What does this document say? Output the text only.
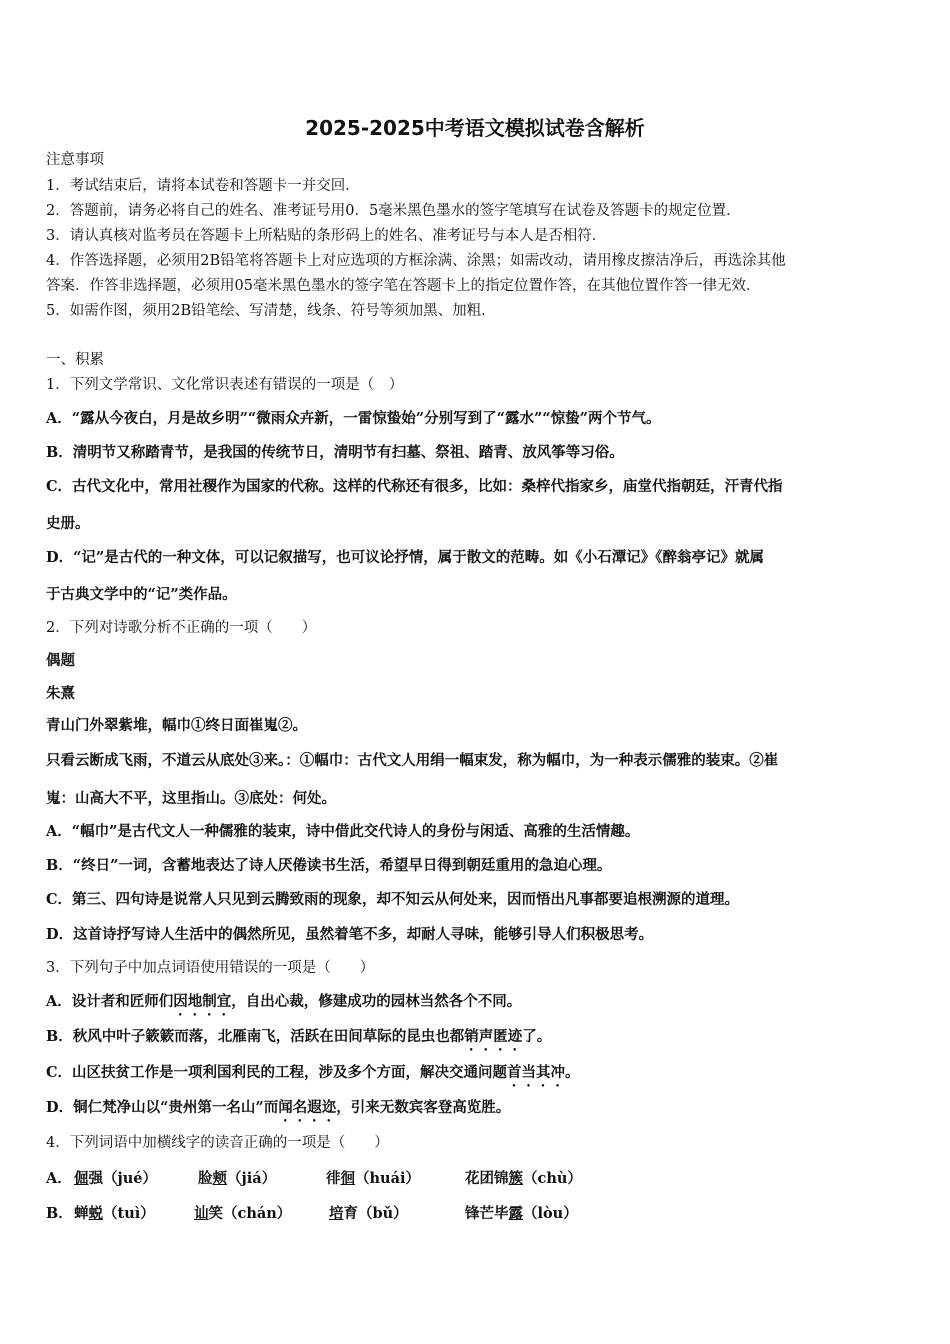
2025-2025中考语文模拟试卷含解析
注意事项
1．考试结束后，请将本试卷和答题卡一并交回．
2．答题前，请务必将自己的姓名、准考证号用0．5毫米黑色墨水的签字笔填写在试卷及答题卡的规定位置．
3．请认真核对监考员在答题卡上所粘贴的条形码上的姓名、准考证号与本人是否相符．
4．作答选择题，必须用2B铅笔将答题卡上对应选项的方框涂满、涂黑；如需改动，请用橡皮擦洁净后，再选涂其他
答案．作答非选择题，必须用05毫米黑色墨水的签字笔在答题卡上的指定位置作答，在其他位置作答一律无效．
5．如需作图，须用2B铅笔绘、写清楚，线条、符号等须加黑、加粗．
一、积累
1．下列文学常识、文化常识表述有错误的一项是（　）
A．“露从今夜白，月是故乡明”“微雨众卉新，一雷惊蛰始”分别写到了“露水”“惊蛰”两个节气。
B．清明节又称踏青节，是我国的传统节日，清明节有扫墓、祭祖、踏青、放风筝等习俗。
C．古代文化中，常用社稷作为国家的代称。这样的代称还有很多，比如：桑梓代指家乡，庙堂代指朝廷，汗青代指
史册。
D．“记”是古代的一种文体，可以记叙描写，也可议论抒情，属于散文的范畴。如《小石潭记》《醉翁亭记》就属
于古典文学中的“记”类作品。
2．下列对诗歌分析不正确的一项（　　）
偶题
朱熹
青山门外翠紫堆，幅巾①终日面崔嵬②。
只看云断成飞雨，不道云从底处③来。：①幅巾：古代文人用绢一幅束发，称为幅巾，为一种表示儒雅的装束。②崔
嵬：山高大不平，这里指山。③底处：何处。
A．“幅巾”是古代文人一种儒雅的装束，诗中借此交代诗人的身份与闲适、高雅的生活情趣。
B．“终日”一词，含蓄地表达了诗人厌倦读书生活，希望早日得到朝廷重用的急迫心理。
C．第三、四句诗是说常人只见到云腾致雨的现象，却不知云从何处来，因而悟出凡事都要追根溯源的道理。
D．这首诗抒写诗人生活中的偶然所见，虽然着笔不多，却耐人寻味，能够引导人们积极思考。
3．下列句子中加点词语使用错误的一项是（　　）
A．设计者和匠师们因地制宜，自出心裁，修建成功的园林当然各个不同。
B．秋风中叶子簌簌而落，北雁南飞，活跃在田间草际的昆虫也都销声匿迹了。
C．山区扶贫工作是一项利国利民的工程，涉及多个方面，解决交通问题首当其冲。
D．铜仁梵净山以“贵州第一名山”而闻名遐迩，引来无数宾客登高览胜。
4．下列词语中加横线字的读音正确的一项是（　　）
A． 倔强（jué）	脸颊（jiá）	徘徊（huái）	花团锦簇（chù）
B． 蝉蜕（tuì）	讪笑（chán）	培育（bǔ）	锋芒毕露（lòu）
